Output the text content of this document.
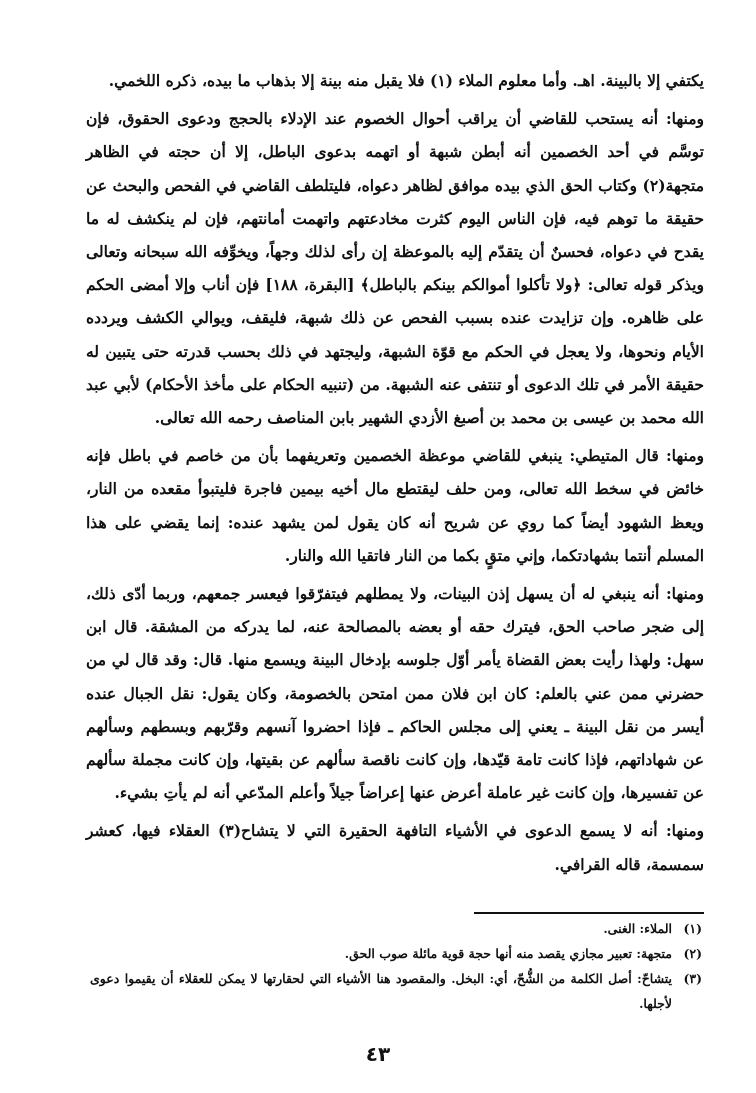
يكتفي إلا بالبينة. اهـ. وأما معلوم الملاء (١) فلا يقبل منه بينة إلا بذهاب ما بيده، ذكره اللخمي.

ومنها: أنه يستحب للقاضي أن يراقب أحوال الخصوم عند الإدلاء بالحجج ودعوى الحقوق، فإن توسَّم في أحد الخصمين أنه أبطن شبهة أو اتهمه بدعوى الباطل، إلا أن حجته في الظاهر متجهة(٢) وكتاب الحق الذي بيده موافق لظاهر دعواه، فليتلطف القاضي في الفحص والبحث عن حقيقة ما توهم فيه، فإن الناس اليوم كثرت مخادعتهم واتهمت أمانتهم، فإن لم ينكشف له ما يقدح في دعواه، فحسنٌ أن يتقدّم إليه بالموعظة إن رأى لذلك وجهاً، ويخوِّفه الله سبحانه وتعالى ويذكر قوله تعالى: ﴿ولا تأكلوا أموالكم بينكم بالباطل﴾ [البقرة، ١٨٨] فإن أناب وإلا أمضى الحكم على ظاهره. وإن تزايدت عنده بسبب الفحص عن ذلك شبهة، فليقف، ويوالي الكشف ويردده الأيام ونحوها، ولا يعجل في الحكم مع قوّة الشبهة، وليجتهد في ذلك بحسب قدرته حتى يتبين له حقيقة الأمر في تلك الدعوى أو تنتفى عنه الشبهة. من (تنبيه الحكام على مأخذ الأحكام) لأبي عبد الله محمد بن عيسى بن محمد بن أصبغ الأزدي الشهير بابن المناصف رحمه الله تعالى.

ومنها: قال المتيطي: ينبغي للقاضي موعظة الخصمين وتعريفهما بأن من خاصم في باطل فإنه خائض في سخط الله تعالى، ومن حلف ليقتطع مال أخيه بيمين فاجرة فليتبوأ مقعده من النار، ويعظ الشهود أيضاً كما روي عن شريح أنه كان يقول لمن يشهد عنده: إنما يقضي على هذا المسلم أنتما بشهادتكما، وإني متقٍ بكما من النار فاتقيا الله والنار.

ومنها: أنه ينبغي له أن يسهل إذن البينات، ولا يمطلهم فيتفرّقوا فيعسر جمعهم، وربما أدّى ذلك، إلى ضجر صاحب الحق، فيترك حقه أو بعضه بالمصالحة عنه، لما يدركه من المشقة. قال ابن سهل: ولهذا رأيت بعض القضاة يأمر أوّل جلوسه بإدخال البينة ويسمع منها. قال: وقد قال لي من حضرني ممن عني بالعلم: كان ابن فلان ممن امتحن بالخصومة، وكان يقول: نقل الجبال عنده أيسر من نقل البينة ـ يعني إلى مجلس الحاكم ـ فإذا احضروا آنسهم وقرّبهم وبسطهم وسألهم عن شهاداتهم، فإذا كانت تامة قيّدها، وإن كانت ناقصة سألهم عن بقيتها، وإن كانت مجملة سألهم عن تفسيرها، وإن كانت غير عاملة أعرض عنها إعراضاً جيلاً وأعلم المدّعي أنه لم يأتِ بشيء.

ومنها: أنه لا يسمع الدعوى في الأشياء التافهة الحقيرة التي لا يتشاح(٣) العقلاء فيها، كعشر سمسمة، قاله القرافي.

(١)
الملاء: الغنى.
(٢)
متجهة: تعبير مجازي يقصد منه أنها حجة قوية مائلة صوب الحق.
(٣)
يتشاحّ: أصل الكلمة من الشُّحّ، أي: البخل. والمقصود هنا الأشياء التي لحقارتها لا يمكن للعقلاء أن يقيموا دعوى لأجلها.
٤٣
